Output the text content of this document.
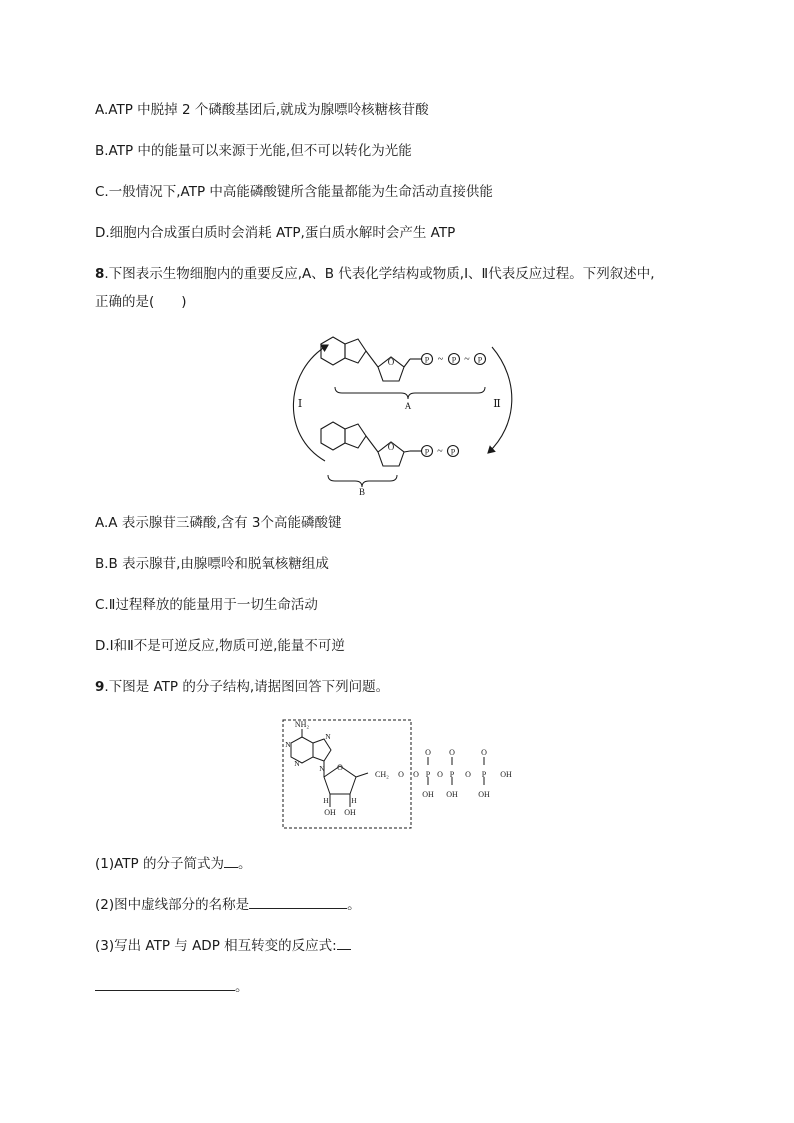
A.ATP 中脱掉 2 个磷酸基团后,就成为腺嘌呤核糖核苷酸
B.ATP 中的能量可以来源于光能,但不可以转化为光能
C.一般情况下,ATP 中高能磷酸键所含能量都能为生命活动直接供能
D.细胞内合成蛋白质时会消耗 ATP,蛋白质水解时会产生 ATP
8.下图表示生物细胞内的重要反应,A、B 代表化学结构或物质,Ⅰ、Ⅱ代表反应过程。下列叙述中,
正确的是(　　)
O	P ~ P ~ P
A
O	P ~ P
B
Ⅰ	Ⅱ
A.A 表示腺苷三磷酸,含有 3个高能磷酸键
B.B 表示腺苷,由腺嘌呤和脱氧核糖组成
C.Ⅱ过程释放的能量用于一切生命活动
D.Ⅰ和Ⅱ不是可逆反应,物质可逆,能量不可逆
9.下图是 ATP 的分子结构,请据图回答下列问题。
NH₂
N
N
N
N O
CH₂
H	H
OH OH
O
O O	O
P P	P
O O	O	OH
OH OH	OH
(1)ATP 的分子简式为 。
(2)图中虚线部分的名称是	。
(3)写出 ATP 与 ADP 相互转变的反应式:
。
